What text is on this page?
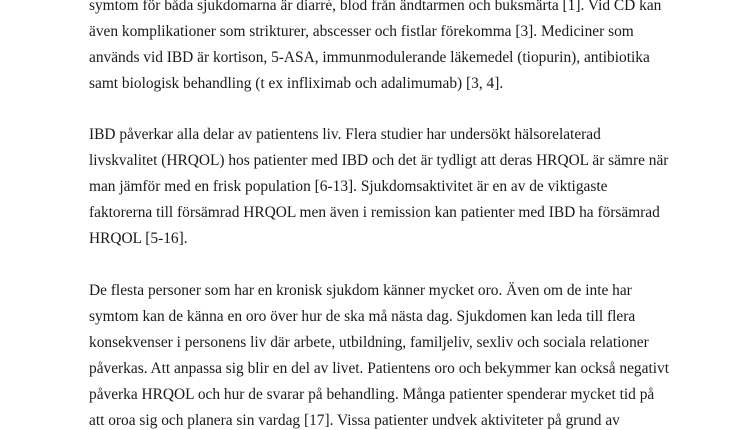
symtom för båda sjukdomarna är diarré, blod från ändtarmen och buksmärta [1]. Vid CD kan
även komplikationer som strikturer, abscesser och fistlar förekomma [3]. Mediciner som
används vid IBD är kortison, 5-ASA, immunmodulerande läkemedel (tiopurin), antibiotika
samt biologisk behandling (t ex infliximab och adalimumab) [3, 4].
IBD påverkar alla delar av patientens liv. Flera studier har undersökt hälsorelaterad
livskvalitet (HRQOL) hos patienter med IBD och det är tydligt att deras HRQOL är sämre när
man jämför med en frisk population [6-13]. Sjukdomsaktivitet är en av de viktigaste
faktorerna till försämrad HRQOL men även i remission kan patienter med IBD ha försämrad
HRQOL [5-16].
De flesta personer som har en kronisk sjukdom känner mycket oro. Även om de inte har
symtom kan de känna en oro över hur de ska må nästa dag. Sjukdomen kan leda till flera
konsekvenser i personens liv där arbete, utbildning, familjeliv, sexliv och sociala relationer
påverkas. Att anpassa sig blir en del av livet. Patientens oro och bekymmer kan också negativt
påverka HRQOL och hur de svarar på behandling. Många patienter spenderar mycket tid på
att oroa sig och planera sin vardag [17]. Vissa patienter undvek aktiviteter på grund av
